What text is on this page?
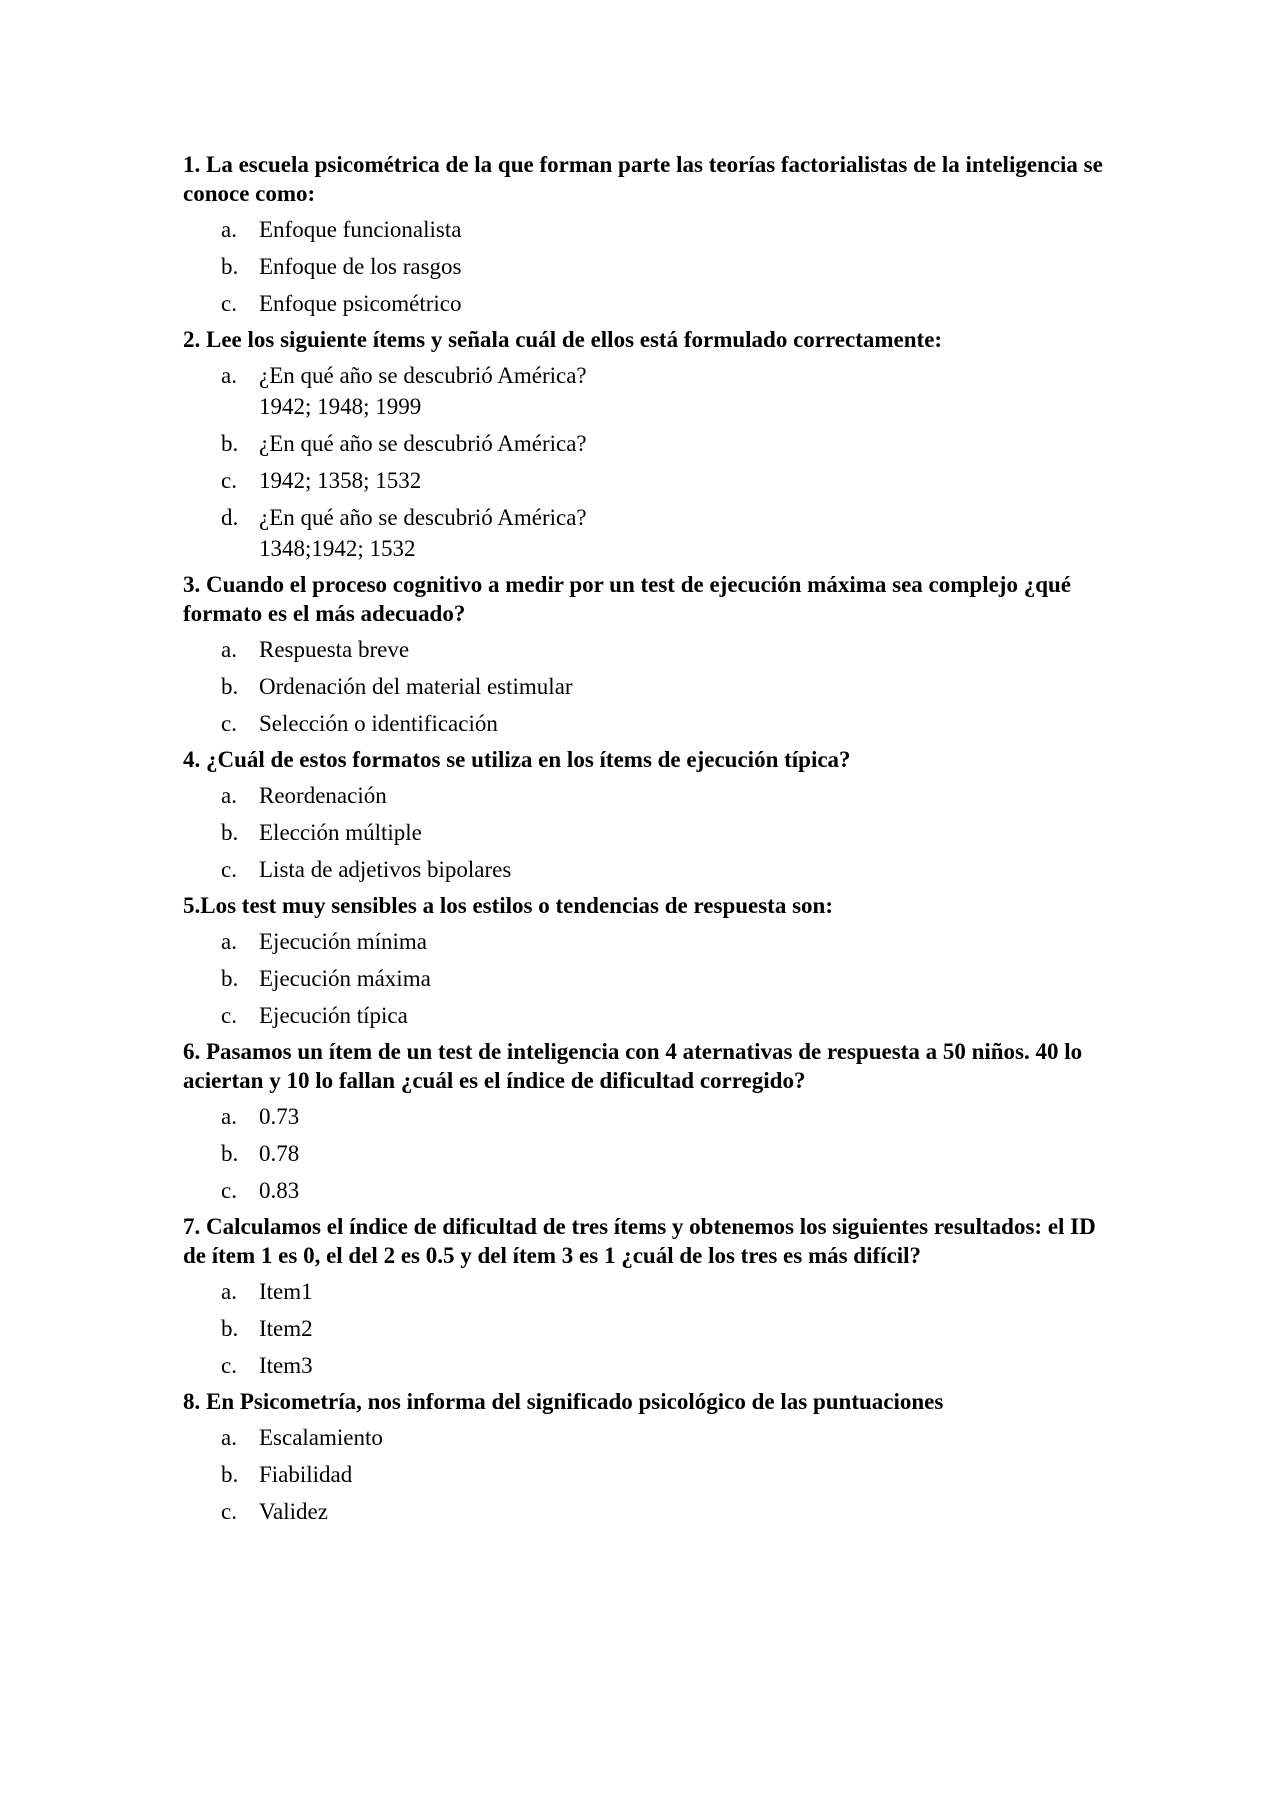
1. La escuela psicométrica de la que forman parte las teorías factorialistas de la inteligencia se conoce como:

a. Enfoque funcionalista
b. Enfoque de los rasgos
c. Enfoque psicométrico

2. Lee los siguiente ítems y señala cuál de ellos está formulado correctamente:

a. ¿En qué año se descubrió América?
1942; 1948; 1999
b. ¿En qué año se descubrió América?
c. 1942; 1358; 1532
d. ¿En qué año se descubrió América?
1348;1942; 1532

3. Cuando el proceso cognitivo a medir por un test de ejecución máxima sea complejo ¿qué formato es el más adecuado?

a. Respuesta breve
b. Ordenación del material estimular
c. Selección o identificación

4. ¿Cuál de estos formatos se utiliza en los ítems de ejecución típica?

a. Reordenación
b. Elección múltiple
c. Lista de adjetivos bipolares

5.Los test muy sensibles a los estilos o tendencias de respuesta son:

a. Ejecución mínima
b. Ejecución máxima
c. Ejecución típica

6. Pasamos un ítem de un test de inteligencia con 4 aternativas de respuesta a 50 niños. 40 lo aciertan y 10 lo fallan ¿cuál es el índice de dificultad corregido?

a. 0.73
b. 0.78
c. 0.83

7. Calculamos el índice de dificultad de tres ítems y obtenemos los siguientes resultados: el ID de ítem 1 es 0, el del 2 es 0.5 y del ítem 3 es 1 ¿cuál de los tres es más difícil?

a. Item1
b. Item2
c. Item3

8. En Psicometría, nos informa del significado psicológico de las puntuaciones

a. Escalamiento
b. Fiabilidad
c. Validez
